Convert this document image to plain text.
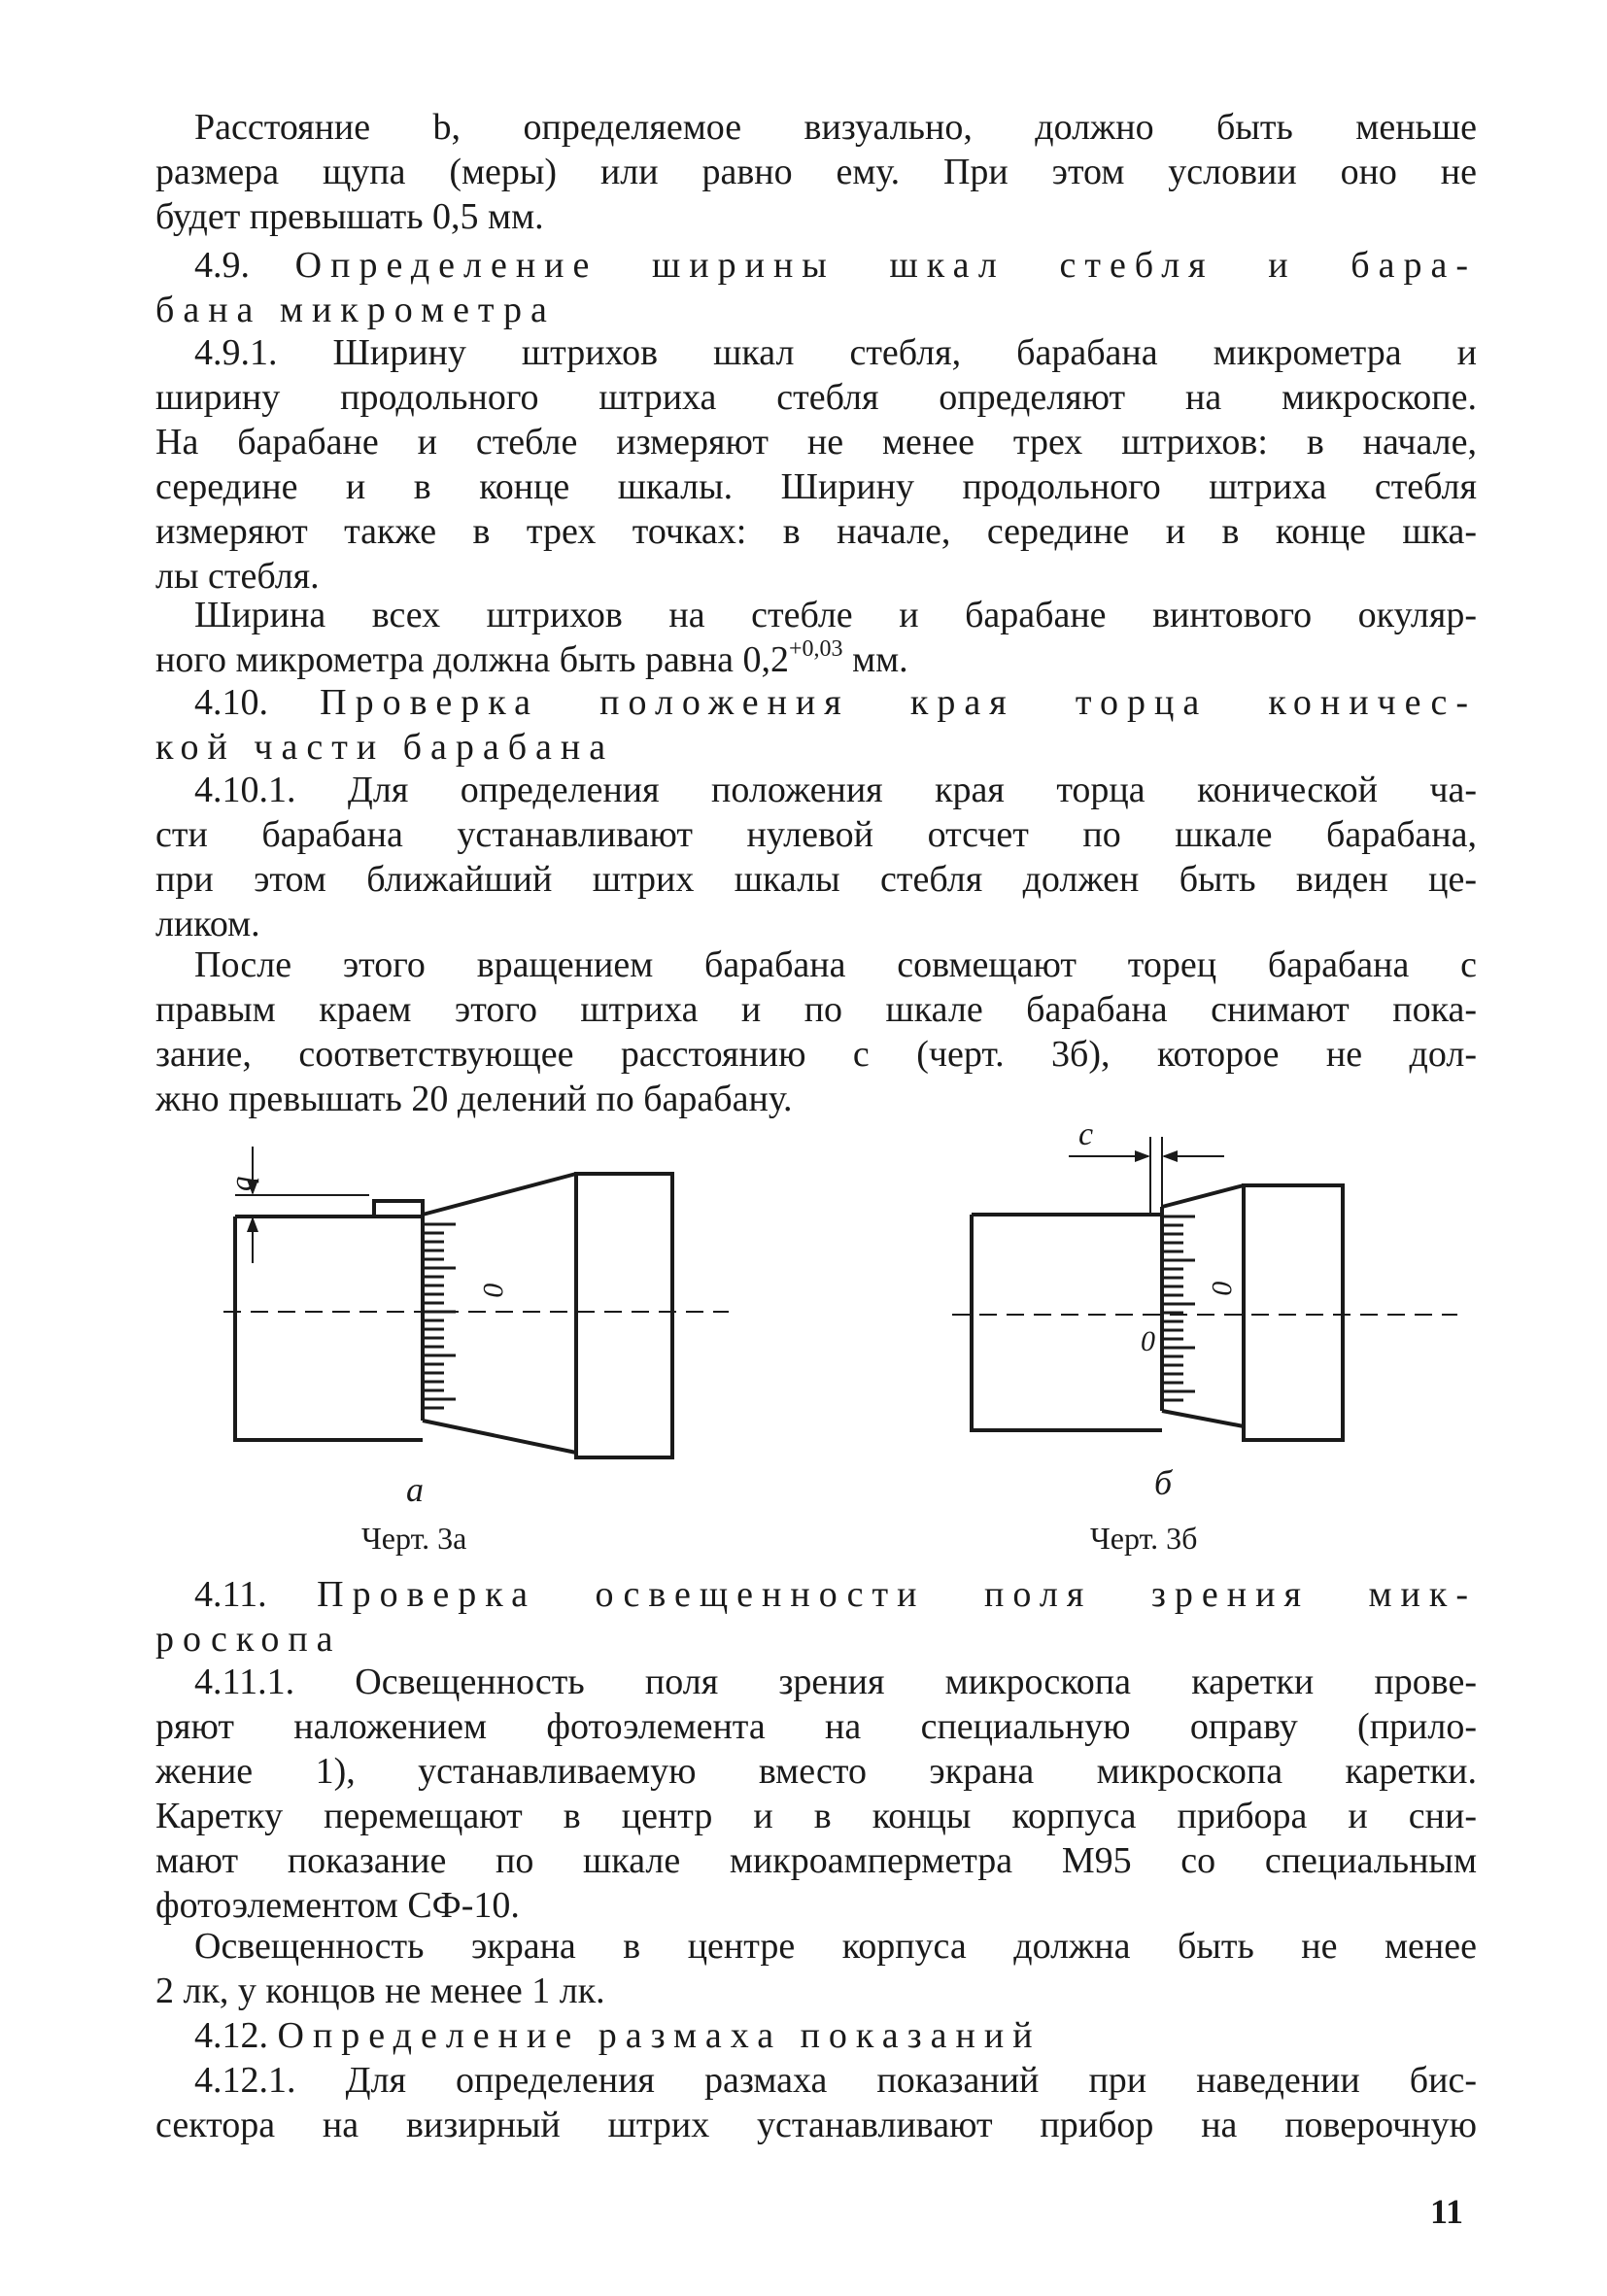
Расстояние b, определяемое визуально, должно быть меньше
размера щупа (меры) или равно ему. При этом условии оно не
будет превышать 0,5 мм.
4.9. Определение ширины шкал стебля и бара-
бана микрометра
4.9.1. Ширину штрихов шкал стебля, барабана микрометра и
ширину продольного штриха стебля определяют на микроскопе.
На барабане и стебле измеряют не менее трех штрихов: в начале,
середине и в конце шкалы. Ширину продольного штриха стебля
измеряют также в трех точках: в начале, середине и в конце шка-
лы стебля.
Ширина всех штрихов на стебле и барабане винтового окуляр-
ного микрометра должна быть равна $0,2^{+0,03}$ мм.
4.10. Проверка положения края торца коничес-
кой части барабана
4.10.1. Для определения положения края торца конической ча-
сти барабана устанавливают нулевой отсчет по шкале барабана,
при этом ближайший штрих шкалы стебля должен быть виден це-
ликом.
После этого вращением барабана совмещают торец барабана с
правым краем этого штриха и по шкале барабана снимают пока-
зание, соответствующее расстоянию c (черт. 3б), которое не дол-
жно превышать 20 делений по барабану.
b
0
а
Черт. 3а
c
0
0
б
Черт. 3б
4.11. Проверка освещенности поля зрения мик-
роскопа
4.11.1. Освещенность поля зрения микроскопа каретки прове-
ряют наложением фотоэлемента на специальную оправу (прило-
жение 1), устанавливаемую вместо экрана микроскопа каретки.
Каретку перемещают в центр и в концы корпуса прибора и сни-
мают показание по шкале микроамперметра М95 со специальным
фотоэлементом СФ-10.
Освещенность экрана в центре корпуса должна быть не менее
2 лк, у концов не менее 1 лк.
4.12. Определение размаха показаний
4.12.1. Для определения размаха показаний при наведении бис-
сектора на визирный штрих устанавливают прибор на поверочную
11
